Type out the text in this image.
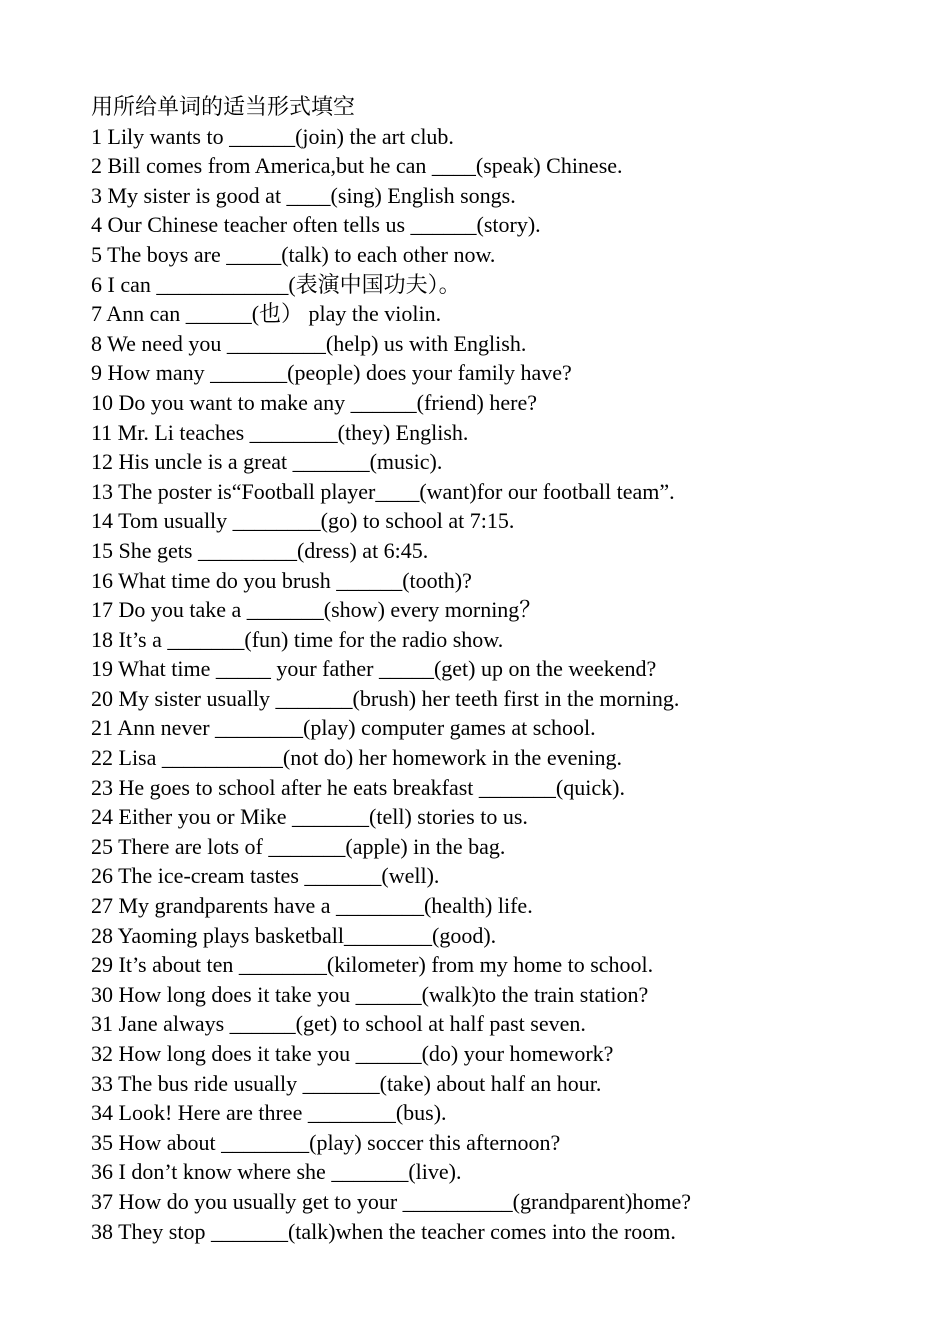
用所给单词的适当形式填空
1 Lily wants to ______(join) the art club.
2 Bill comes from America,but he can ____(speak) Chinese.
3 My sister is good at ____(sing) English songs.
4 Our Chinese teacher often tells us ______(story).
5 The boys are _____(talk) to each other now.
6 I can ____________(表演中国功夫）。
7 Ann can ______(也） play the violin.
8 We need you _________(help) us with English.
9 How many _______(people) does your family have?
10 Do you want to make any ______(friend) here?
11 Mr. Li teaches ________(they) English.
12 His uncle is a great _______(music).
13 The poster is“Football player____(want)for our football team”.
14 Tom usually ________(go) to school at 7:15.
15 She gets _________(dress) at 6:45.
16 What time do you brush ______(tooth)?
17 Do you take a _______(show) every morning？
18 It’s a _______(fun) time for the radio show.
19 What time _____ your father _____(get) up on the weekend?
20 My sister usually _______(brush) her teeth first in the morning.
21 Ann never ________(play) computer games at school.
22 Lisa ___________(not do) her homework in the evening.
23 He goes to school after he eats breakfast _______(quick).
24 Either you or Mike _______(tell) stories to us.
25 There are lots of _______(apple) in the bag.
26 The ice-cream tastes _______(well).
27 My grandparents have a ________(health) life.
28 Yaoming plays basketball________(good).
29 It’s about ten ________(kilometer) from my home to school.
30 How long does it take you ______(walk)to the train station?
31 Jane always ______(get) to school at half past seven.
32 How long does it take you ______(do) your homework?
33 The bus ride usually _______(take) about half an hour.
34 Look! Here are three ________(bus).
35 How about ________(play) soccer this afternoon?
36 I don’t know where she _______(live).
37 How do you usually get to your __________(grandparent)home?
38 They stop _______(talk)when the teacher comes into the room.
